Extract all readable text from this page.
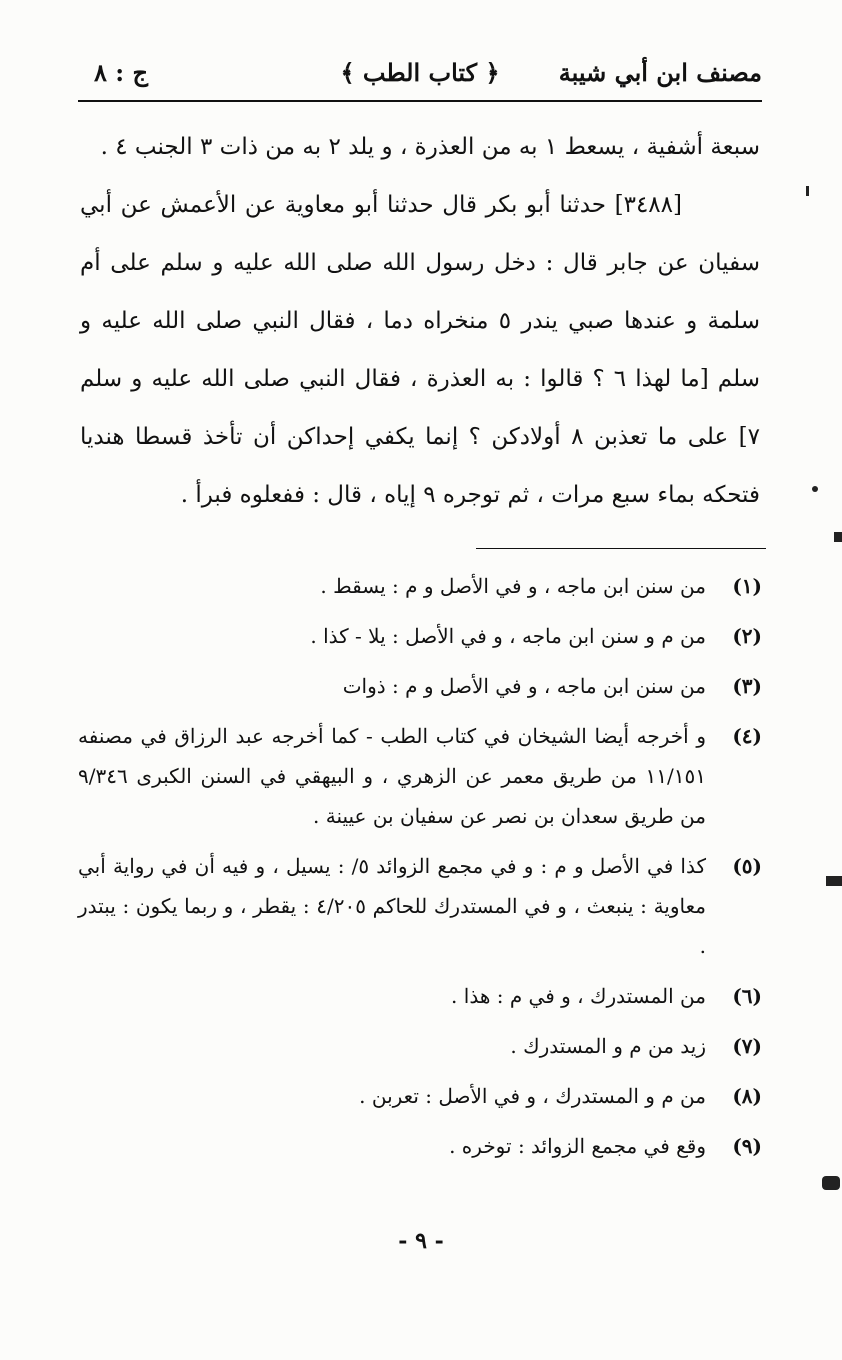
مصنف ابن أبي شيبة
﴿ كتاب الطب ﴾
ج : ٨

سبعة أشفية ، يسعط ١ به من العذرة ، و يلد ٢ به من ذات ٣ الجنب ٤ .

[٣٤٨٨] حدثنا أبو بكر قال حدثنا أبو معاوية عن الأعمش عن أبي سفيان عن جابر قال : دخل رسول الله صلى الله عليه و سلم على أم سلمة و عندها صبي يندر ٥ منخراه دما ، فقال النبي صلى الله عليه و سلم [ما لهذا ٦ ؟ قالوا : به العذرة ، فقال النبي صلى الله عليه و سلم ٧] على ما تعذبن ٨ أولادكن ؟ إنما يكفي إحداكن أن تأخذ قسطا هنديا فتحكه بماء سبع مرات ، ثم توجره ٩ إياه ، قال : ففعلوه فبرأ .

(١)
من سنن ابن ماجه ، و في الأصل و م : يسقط .
(٢)
من م و سنن ابن ماجه ، و في الأصل : يلا - كذا .
(٣)
من سنن ابن ماجه ، و في الأصل و م : ذوات
(٤)
و أخرجه أيضا الشيخان في كتاب الطب - كما أخرجه عبد الرزاق في مصنفه ١١/١٥١ من طريق معمر عن الزهري ، و البيهقي في السنن الكبرى ٩/٣٤٦ من طريق سعدان بن نصر عن سفيان بن عيينة .
(٥)
كذا في الأصل و م : و في مجمع الزوائد ٥/ : يسيل ، و فيه أن في رواية أبي معاوية : ينبعث ، و في المستدرك للحاكم ٤/٢٠٥ : يقطر ، و ربما يكون : يبتدر .
(٦)
من المستدرك ، و في م : هذا .
(٧)
زيد من م و المستدرك .
(٨)
من م و المستدرك ، و في الأصل : تعربن .
(٩)
وقع في مجمع الزوائد : توخره .
- ٩ -
